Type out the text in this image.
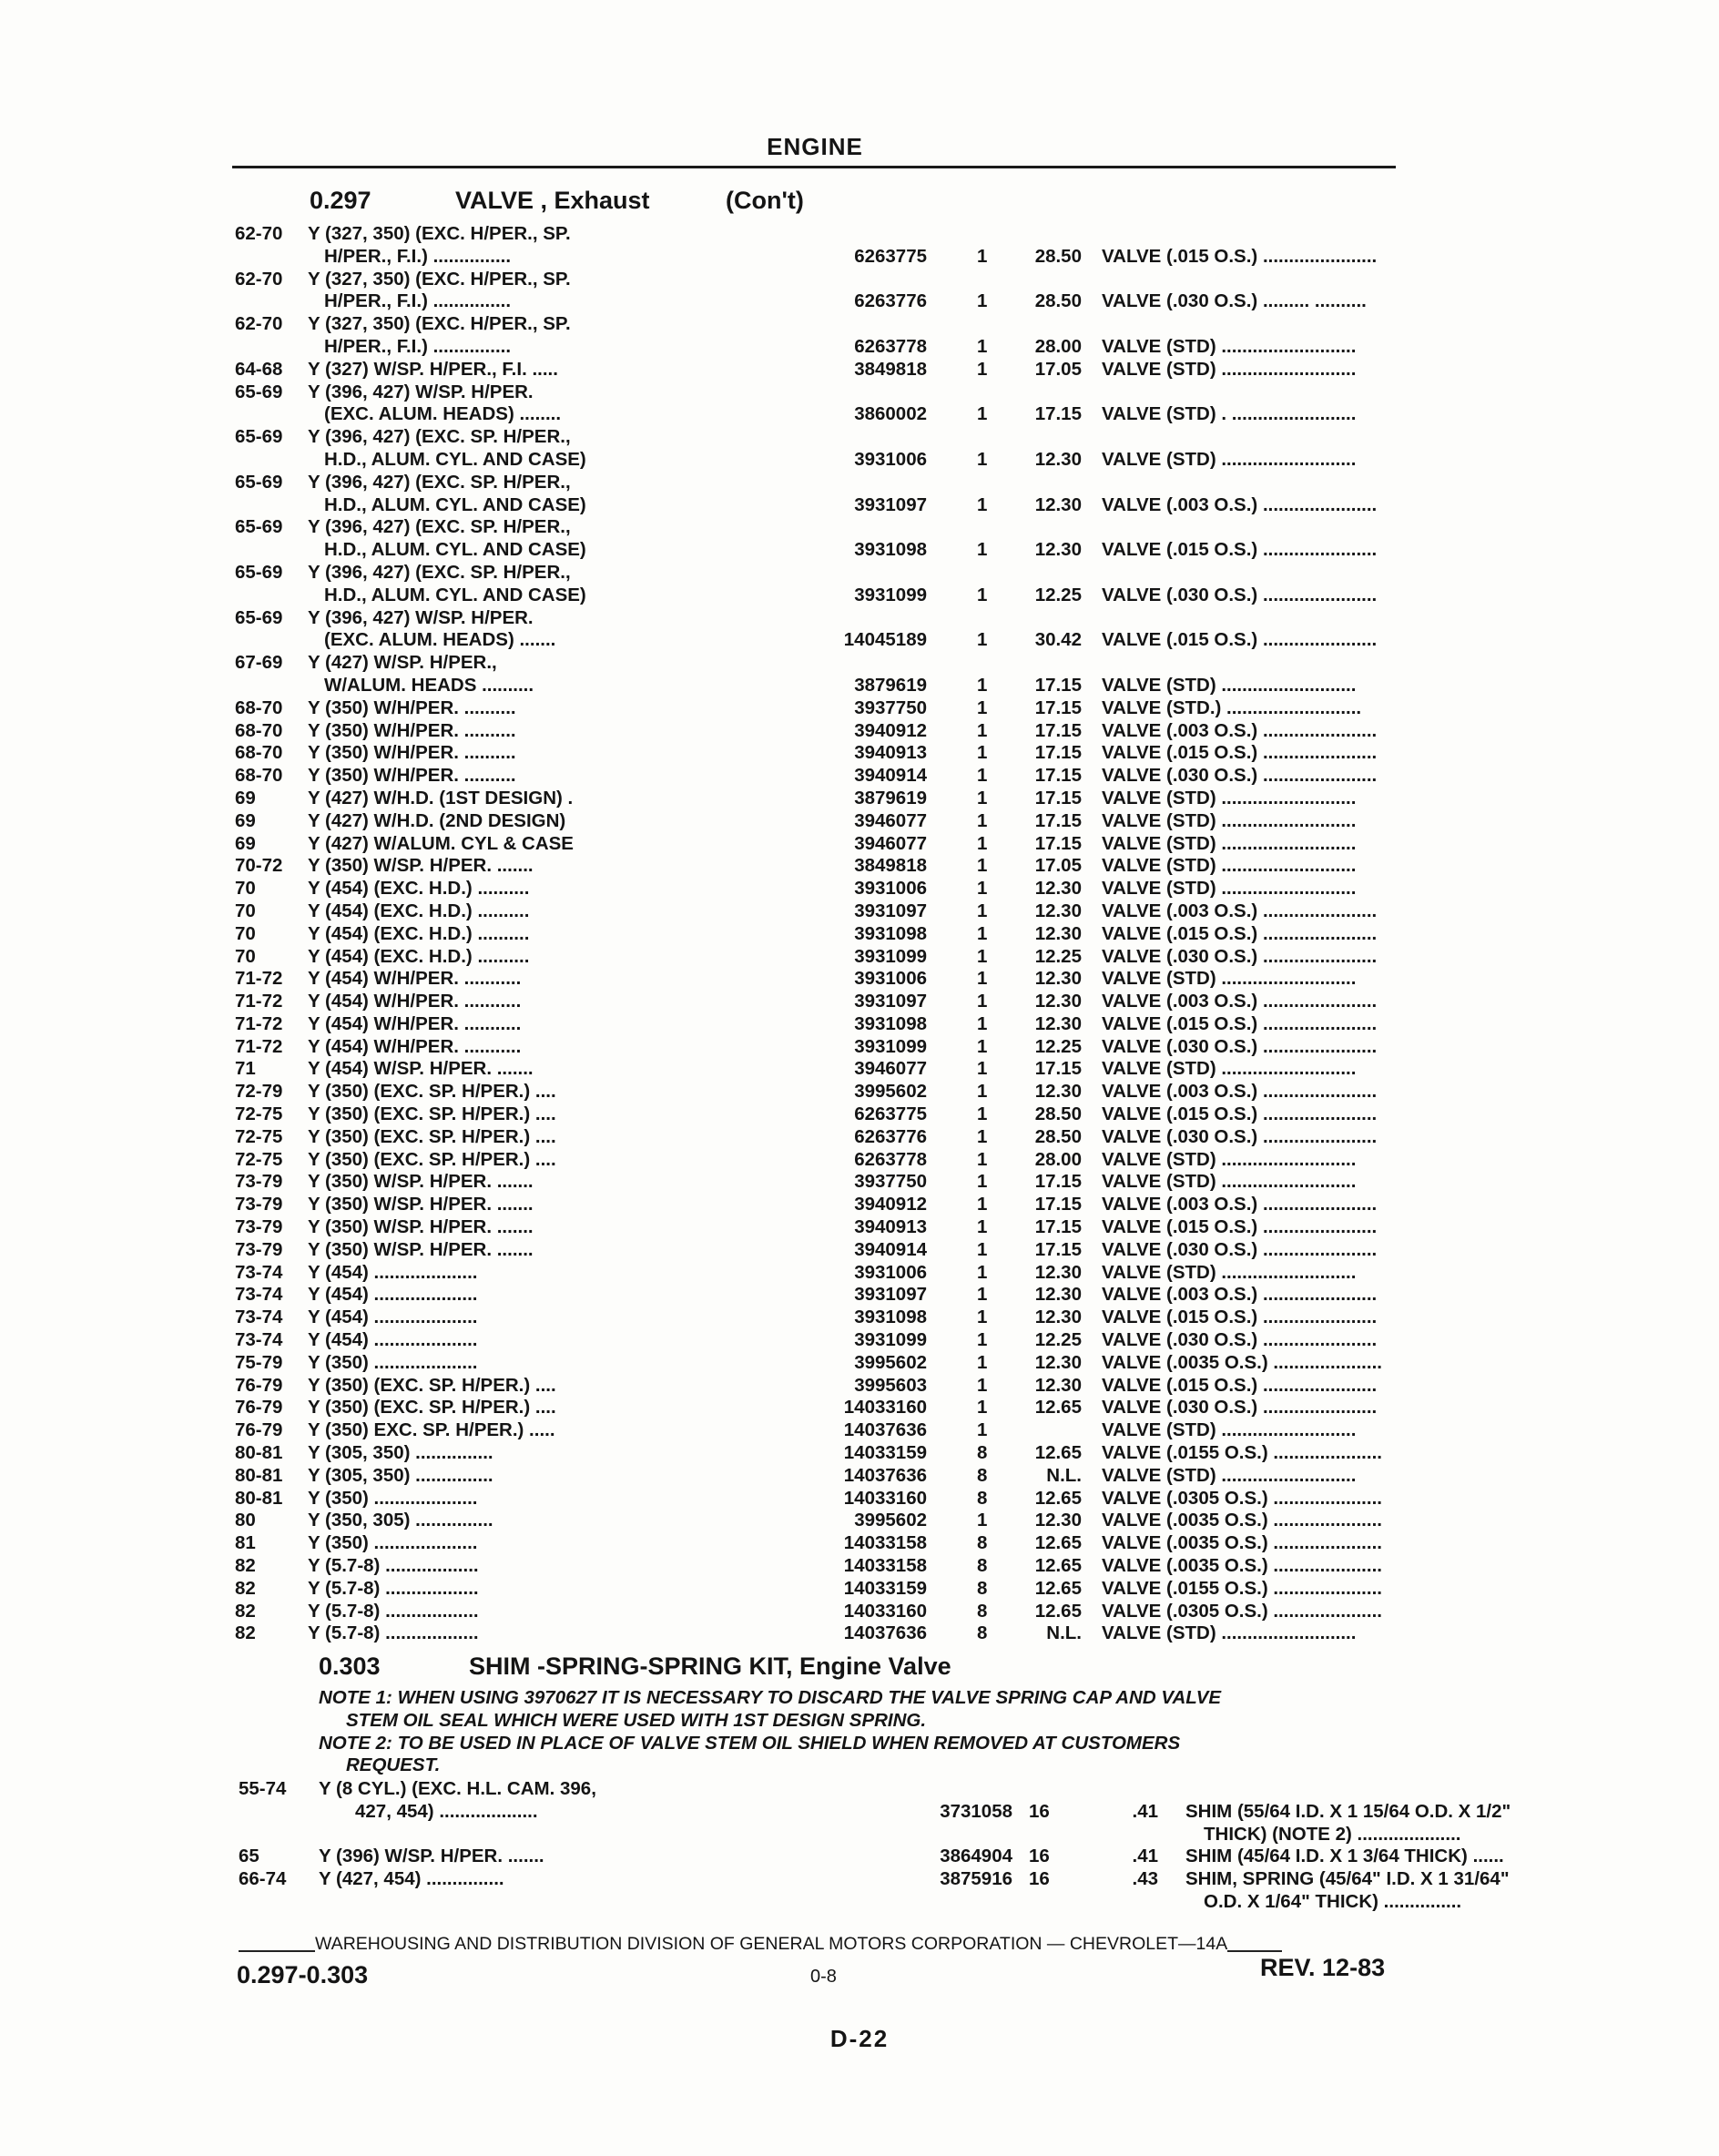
ENGINE
0.297	VALVE , Exhaust	(Con't)
62-70 Y (327, 350) (EXC. H/PER., SP.
H/PER., F.I.) ...............	6263775	1	28.50 VALVE (.015 O.S.) ......................
62-70 Y (327, 350) (EXC. H/PER., SP.
H/PER., F.I.) ...............	6263776	1	28.50 VALVE (.030 O.S.) ......... ..........
62-70 Y (327, 350) (EXC. H/PER., SP.
H/PER., F.I.) ...............	6263778	1	28.00 VALVE (STD) ..........................
64-68 Y (327) W/SP. H/PER., F.I. .....	3849818	1	17.05 VALVE (STD) ..........................
65-69 Y (396, 427) W/SP. H/PER.
(EXC. ALUM. HEADS) ........	3860002	1	17.15 VALVE (STD) . ........................
65-69 Y (396, 427) (EXC. SP. H/PER.,
H.D., ALUM. CYL. AND CASE)	3931006	1	12.30 VALVE (STD) ..........................
65-69 Y (396, 427) (EXC. SP. H/PER.,
H.D., ALUM. CYL. AND CASE)	3931097	1	12.30 VALVE (.003 O.S.) ......................
65-69 Y (396, 427) (EXC. SP. H/PER.,
H.D., ALUM. CYL. AND CASE)	3931098	1	12.30 VALVE (.015 O.S.) ......................
65-69 Y (396, 427) (EXC. SP. H/PER.,
H.D., ALUM. CYL. AND CASE)	3931099	1	12.25 VALVE (.030 O.S.) ......................
65-69 Y (396, 427) W/SP. H/PER.
(EXC. ALUM. HEADS) .......	14045189	1	30.42 VALVE (.015 O.S.) ......................
67-69 Y (427) W/SP. H/PER.,
W/ALUM. HEADS ..........	3879619	1	17.15 VALVE (STD) ..........................
68-70 Y (350) W/H/PER. ..........	3937750	1	17.15 VALVE (STD.) ..........................
68-70 Y (350) W/H/PER. ..........	3940912	1	17.15 VALVE (.003 O.S.) ......................
68-70 Y (350) W/H/PER. ..........	3940913	1	17.15 VALVE (.015 O.S.) ......................
68-70 Y (350) W/H/PER. ..........	3940914	1	17.15 VALVE (.030 O.S.) ......................
69	Y (427) W/H.D. (1ST DESIGN) .	3879619	1	17.15 VALVE (STD) ..........................
69	Y (427) W/H.D. (2ND DESIGN)	3946077	1	17.15 VALVE (STD) ..........................
69	Y (427) W/ALUM. CYL & CASE	3946077	1	17.15 VALVE (STD) ..........................
70-72 Y (350) W/SP. H/PER. .......	3849818	1	17.05 VALVE (STD) ..........................
70	Y (454) (EXC. H.D.) ..........	3931006	1	12.30 VALVE (STD) ..........................
70	Y (454) (EXC. H.D.) ..........	3931097	1	12.30 VALVE (.003 O.S.) ......................
70	Y (454) (EXC. H.D.) ..........	3931098	1	12.30 VALVE (.015 O.S.) ......................
70	Y (454) (EXC. H.D.) ..........	3931099	1	12.25 VALVE (.030 O.S.) ......................
71-72 Y (454) W/H/PER. ...........	3931006	1	12.30 VALVE (STD) ..........................
71-72 Y (454) W/H/PER. ...........	3931097	1	12.30 VALVE (.003 O.S.) ......................
71-72 Y (454) W/H/PER. ...........	3931098	1	12.30 VALVE (.015 O.S.) ......................
71-72 Y (454) W/H/PER. ...........	3931099	1	12.25 VALVE (.030 O.S.) ......................
71	Y (454) W/SP. H/PER. .......	3946077	1	17.15 VALVE (STD) ..........................
72-79 Y (350) (EXC. SP. H/PER.) ....	3995602	1	12.30 VALVE (.003 O.S.) ......................
72-75 Y (350) (EXC. SP. H/PER.) ....	6263775	1	28.50 VALVE (.015 O.S.) ......................
72-75 Y (350) (EXC. SP. H/PER.) ....	6263776	1	28.50 VALVE (.030 O.S.) ......................
72-75 Y (350) (EXC. SP. H/PER.) ....	6263778	1	28.00 VALVE (STD) ..........................
73-79 Y (350) W/SP. H/PER. .......	3937750	1	17.15 VALVE (STD) ..........................
73-79 Y (350) W/SP. H/PER. .......	3940912	1	17.15 VALVE (.003 O.S.) ......................
73-79 Y (350) W/SP. H/PER. .......	3940913	1	17.15 VALVE (.015 O.S.) ......................
73-79 Y (350) W/SP. H/PER. .......	3940914	1	17.15 VALVE (.030 O.S.) ......................
73-74 Y (454) ....................	3931006	1	12.30 VALVE (STD) ..........................
73-74 Y (454) ....................	3931097	1	12.30 VALVE (.003 O.S.) ......................
73-74 Y (454) ....................	3931098	1	12.30 VALVE (.015 O.S.) ......................
73-74 Y (454) ....................	3931099	1	12.25 VALVE (.030 O.S.) ......................
75-79 Y (350) ....................	3995602	1	12.30 VALVE (.0035 O.S.) .....................
76-79 Y (350) (EXC. SP. H/PER.) ....	3995603	1	12.30 VALVE (.015 O.S.) ......................
76-79 Y (350) (EXC. SP. H/PER.) ....	14033160	1	12.65 VALVE (.030 O.S.) ......................
76-79 Y (350) EXC. SP. H/PER.) .....	14037636	1	VALVE (STD) ..........................
80-81 Y (305, 350) ...............	14033159	8	12.65 VALVE (.0155 O.S.) .....................
80-81 Y (305, 350) ...............	14037636	8	N.L. VALVE (STD) ..........................
80-81 Y (350) ....................	14033160	8	12.65 VALVE (.0305 O.S.) .....................
80	Y (350, 305) ...............	3995602	1	12.30 VALVE (.0035 O.S.) .....................
81	Y (350) ....................	14033158	8	12.65 VALVE (.0035 O.S.) .....................
82	Y (5.7-8) ..................	14033158	8	12.65 VALVE (.0035 O.S.) .....................
82	Y (5.7-8) ..................	14033159	8	12.65 VALVE (.0155 O.S.) .....................
82	Y (5.7-8) ..................	14033160	8	12.65 VALVE (.0305 O.S.) .....................
82	Y (5.7-8) ..................	14037636	8	N.L. VALVE (STD) ..........................
0.303	SHIM -SPRING-SPRING KIT, Engine Valve
NOTE 1: WHEN USING 3970627 IT IS NECESSARY TO DISCARD THE VALVE SPRING CAP AND VALVE
STEM OIL SEAL WHICH WERE USED WITH 1ST DESIGN SPRING.
NOTE 2: TO BE USED IN PLACE OF VALVE STEM OIL SHIELD WHEN REMOVED AT CUSTOMERS
REQUEST.
55-74 Y (8 CYL.) (EXC. H.L. CAM. 396,
427, 454) ...................	3731058 16	.41 SHIM (55/64 I.D. X 1 15/64 O.D. X 1/2"
THICK) (NOTE 2) ....................
65	Y (396) W/SP. H/PER. .......	3864904 16	.41 SHIM (45/64 I.D. X 1 3/64 THICK) ......
66-74 Y (427, 454) ...............	3875916 16	.43 SHIM, SPRING (45/64" I.D. X 1 31/64"
O.D. X 1/64" THICK) ...............
WAREHOUSING AND DISTRIBUTION DIVISION OF GENERAL MOTORS CORPORATION — CHEVROLET—14A
0.297-0.303	0-8	REV. 12-83
D-22
